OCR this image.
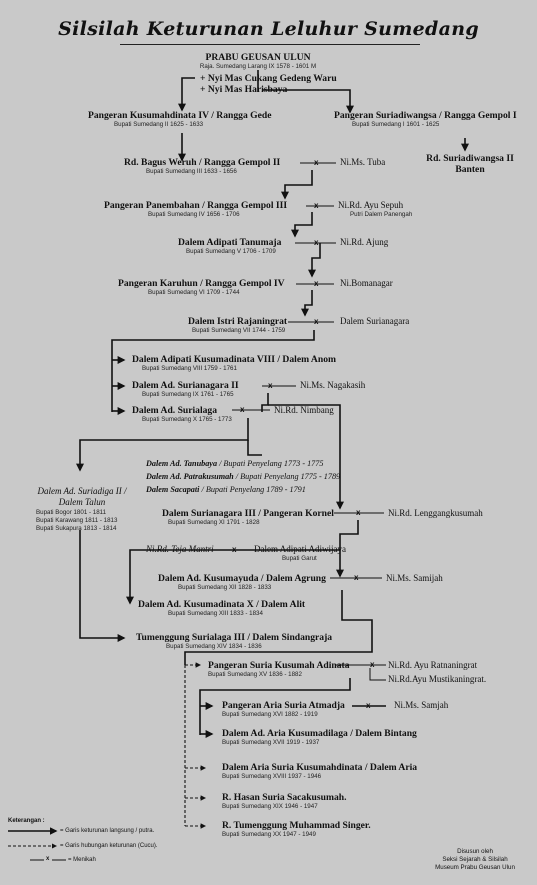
Silsilah Keturunan Leluhur Sumedang
PRABU GEUSAN ULUN
Raja. Sumedang Larang IX 1578 - 1601 M
+ Nyi Mas Cukang Gedeng Waru
+ Nyi Mas Harisbaya
Pangeran Kusumahdinata IV / Rangga Gede
Bupati Sumedang II 1625 - 1633
Pangeran Suriadiwangsa / Rangga Gempol I
Bupati Sumedang I 1601 - 1625
Rd. Suriadiwangsa II
Banten
Rd. Bagus Weruh / Rangga Gempol II
Bupati Sumedang III 1633 - 1656
x Ni.Ms. Tuba
Pangeran Panembahan / Rangga Gempol III
Bupati Sumedang IV 1656 - 1706
x Ni.Rd. Ayu Sepuh
Putri Dalem Panengah
Dalem Adipati Tanumaja
Bupati Sumedang V 1706 - 1709
x Ni.Rd. Ajung
Pangeran Karuhun / Rangga Gempol IV
Bupati Sumedang VI 1709 - 1744
x Ni.Bomanagar
Dalem Istri Rajaningrat
Bupati Sumedang VII 1744 - 1759
x Dalem Surianagara
Dalem Adipati Kusumadinata VIII / Dalem Anom
Bupati Sumedang VIII 1759 - 1761
Dalem Ad. Surianagara II
Bupati Sumedang IX 1761 - 1765
x	Ni.Ms. Nagakasih
Dalem Ad. Surialaga
Bupati Sumedang X 1765 - 1773
x	Ni.Rd. Nimbang
Dalem Ad. Suriadiga II /
Dalem Talun
Bupati Bogor 1801 - 1811
Bupati Karawang 1811 - 1813
Bupati Sukapura 1813 - 1814
Dalem Ad. Tanubaya / Bupati Penyelang 1773 - 1775
Dalem Ad. Patrakusumah / Bupati Penyelang 1775 - 1789
Dalem Sacapati / Bupati Penyelang 1789 - 1791
Dalem Surianagara III / Pangeran Kornel
Bupati Sumedang XI 1791 - 1828
x	Ni.Rd. Lenggangkusumah
Ni.Rd. Teja Mantri x Dalem Adipati Adiwijaya
Bupati Garut
Dalem Ad. Kusumayuda / Dalem Agrung
Bupati Sumedang XII 1828 - 1833
x	Ni.Ms. Samijah
Dalem Ad. Kusumadinata X / Dalem Alit
Bupati Sumedang XIII 1833 - 1834
Tumenggung Surialaga III / Dalem Sindangraja
Bupati Sumedang XIV 1834 - 1836
Pangeran Suria Kusumah Adinata
Bupati Sumedang XV 1836 - 1882
x Ni.Rd. Ayu Ratnaningrat
Ni.Rd.Ayu Mustikaningrat.
Pangeran Aria Suria Atmadja
Bupati Sumedang XVI 1882 - 1919
x	Ni.Ms. Samjah
Dalem Ad. Aria Kusumadilaga / Dalem Bintang
Bupati Sumedang XVII 1919 - 1937
Dalem Aria Suria Kusumahdinata / Dalem Aria
Bupati Sumedang XVIII 1937 - 1946
R. Hasan Suria Sacakusumah.
Bupati Sumedang XIX 1946 - 1947
R. Tumenggung Muhammad Singer.
Bupati Sumedang XX 1947 - 1949
Keterangan :
= Garis keturunan langsung / putra.
= Garis hubungan keturunan (Cucu).
x	= Menikah
Disusun oleh
Seksi Sejarah & Silsilah
Museum Prabu Geusan Ulun
